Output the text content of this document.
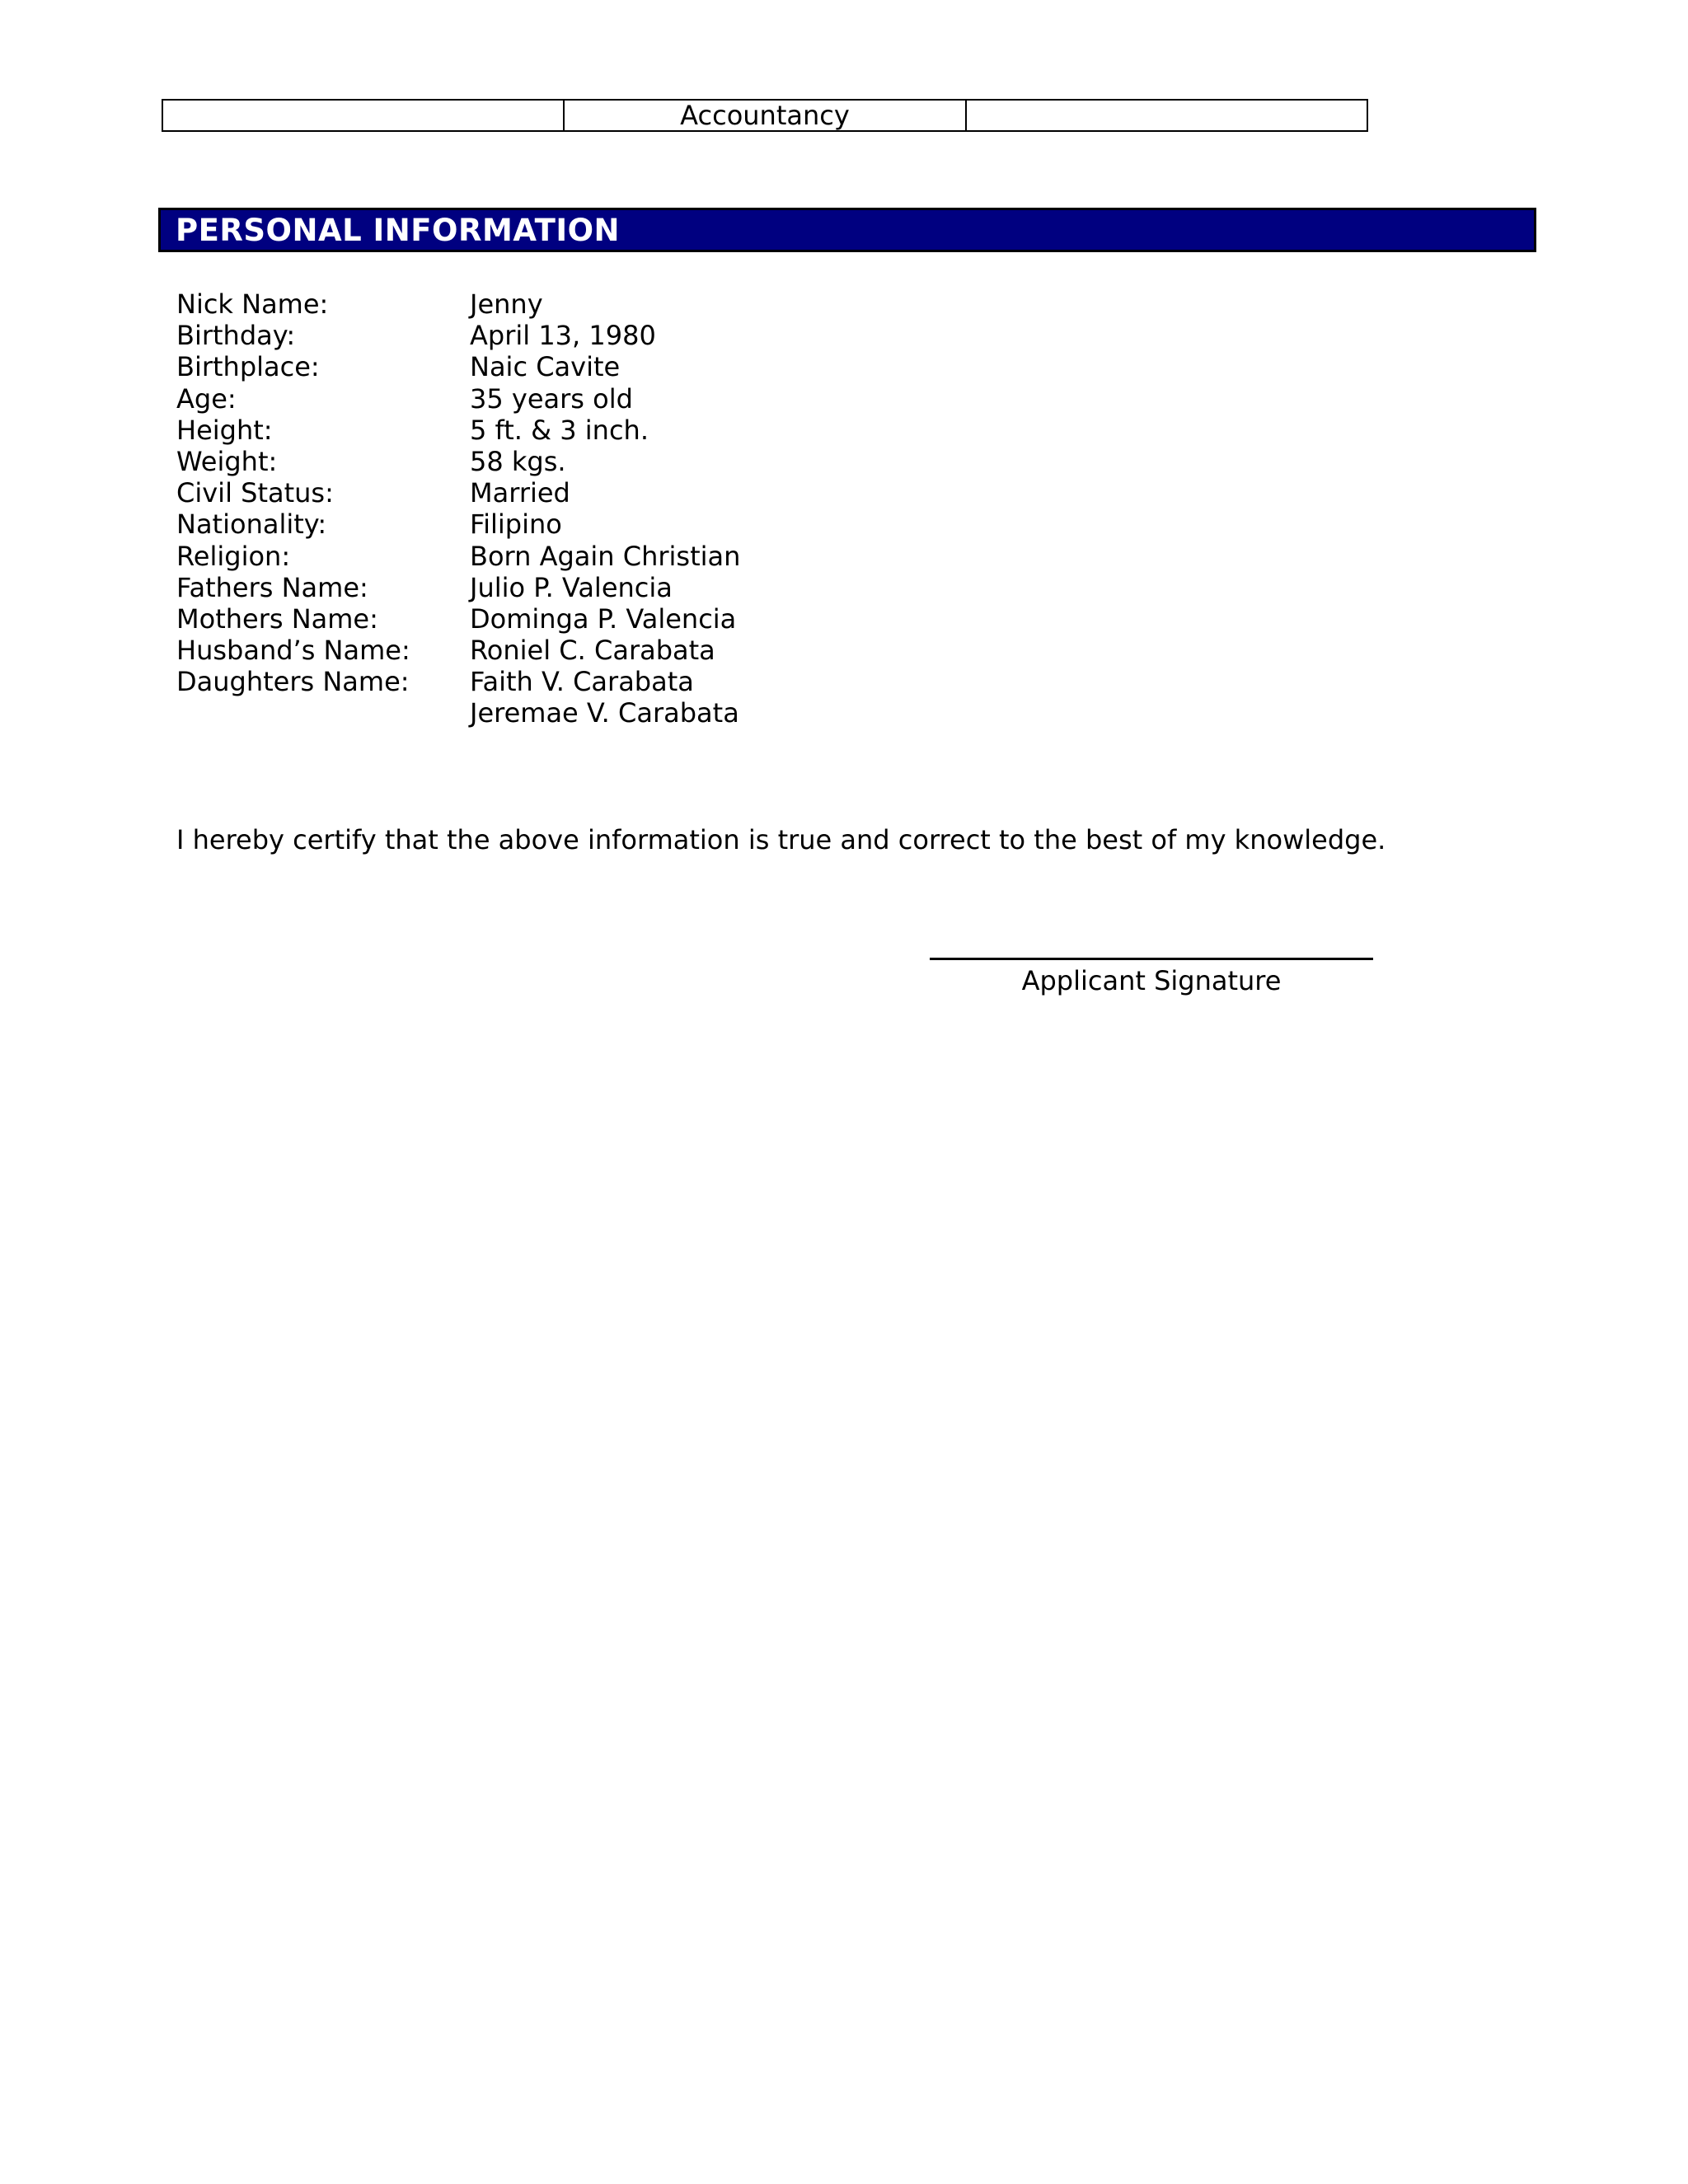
	Accountancy	
PERSONAL INFORMATION
Nick Name:	Jenny
Birthday:	April 13, 1980
Birthplace:	Naic Cavite
Age:	35 years old
Height:	5 ft. & 3 inch.
Weight:	58 kgs.
Civil Status:	Married
Nationality:	Filipino
Religion:	Born Again Christian
Fathers Name:	Julio P. Valencia
Mothers Name:	Dominga P. Valencia
Husband’s Name: Roniel C. Carabata
Daughters Name: Faith V. Carabata
Jeremae V. Carabata
I hereby certify that the above information is true and correct to the best of my knowledge.
Applicant Signature
